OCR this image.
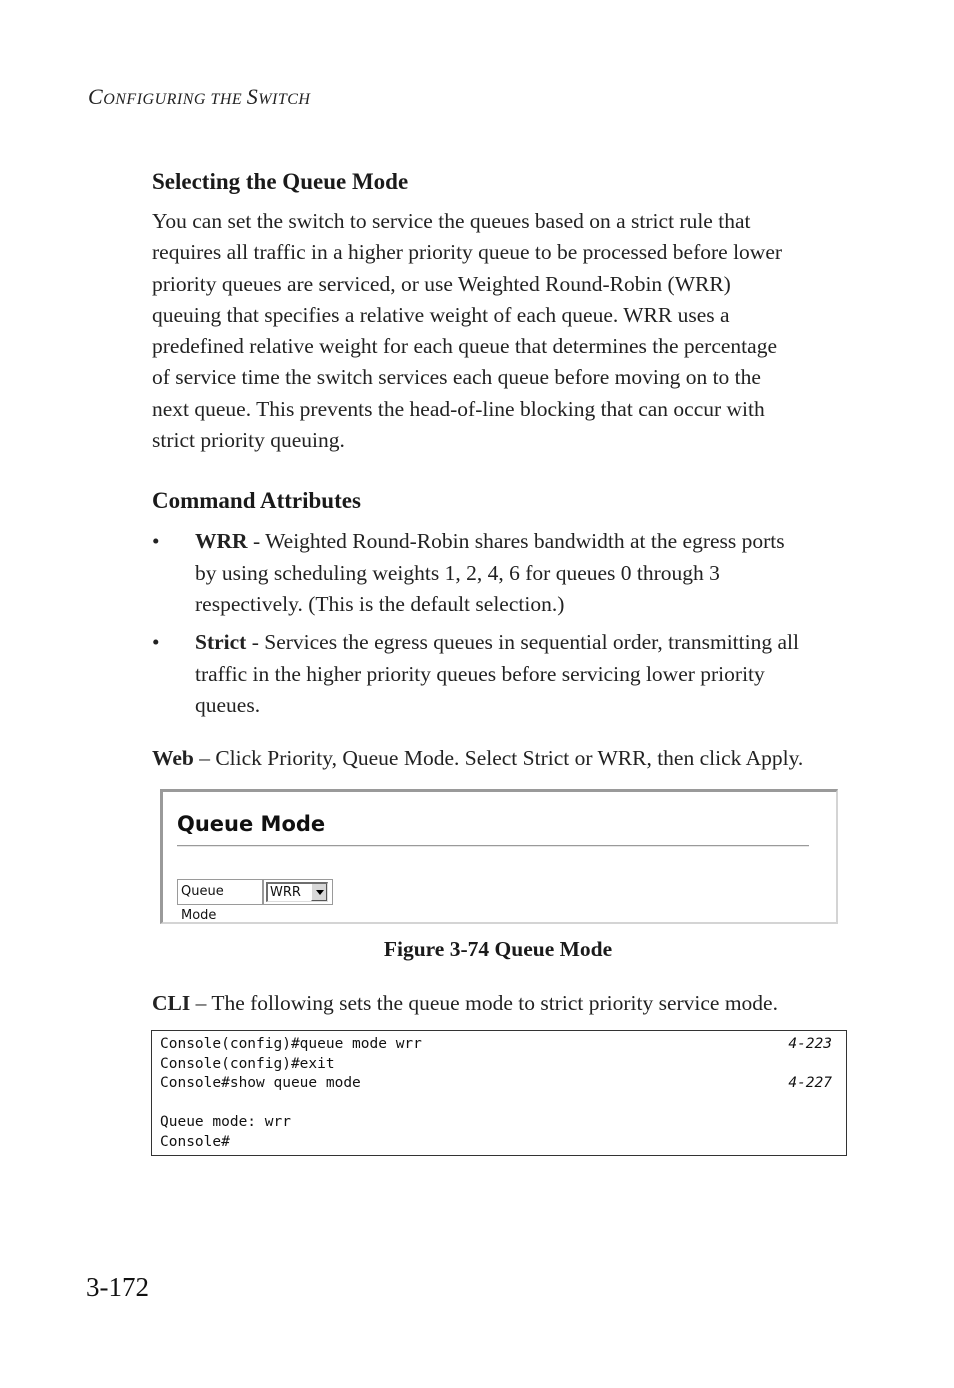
CONFIGURING THE SWITCH
Selecting the Queue Mode
You can set the switch to service the queues based on a strict rule that
requires all traffic in a higher priority queue to be processed before lower
priority queues are serviced, or use Weighted Round-Robin (WRR)
queuing that specifies a relative weight of each queue. WRR uses a
predefined relative weight for each queue that determines the percentage
of service time the switch services each queue before moving on to the
next queue. This prevents the head-of-line blocking that can occur with
strict priority queuing.
Command Attributes
• WRR - Weighted Round-Robin shares bandwidth at the egress ports
by using scheduling weights 1, 2, 4, 6 for queues 0 through 3
respectively. (This is the default selection.)
• Strict - Services the egress queues in sequential order, transmitting all
traffic in the higher priority queues before servicing lower priority
queues.
Web – Click Priority, Queue Mode. Select Strict or WRR, then click Apply.
Queue Mode
Queue Mode
WRR
Figure 3-74 Queue Mode
CLI – The following sets the queue mode to strict priority service mode.
Console(config)#queue mode wrr	4-223
Console(config)#exit
Console#show queue mode	4-227
Queue mode: wrr
Console#
3-172
